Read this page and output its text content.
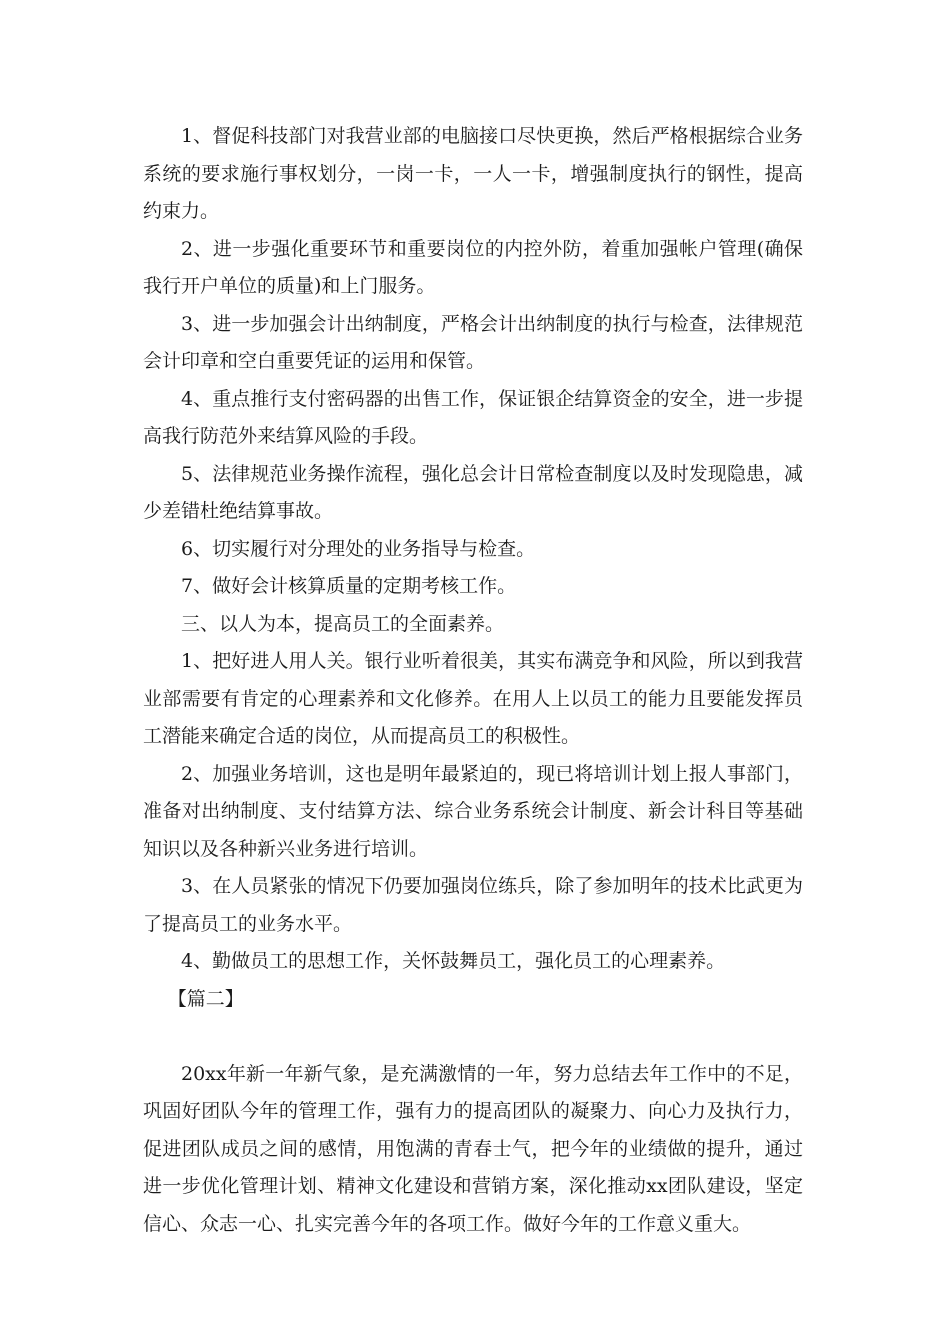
1、督促科技部门对我营业部的电脑接口尽快更换，然后严格根据综合业务系统的要求施行事权划分，一岗一卡，一人一卡，增强制度执行的钢性，提高约束力。

2、进一步强化重要环节和重要岗位的内控外防，着重加强帐户管理(确保我行开户单位的质量)和上门服务。

3、进一步加强会计出纳制度，严格会计出纳制度的执行与检查，法律规范会计印章和空白重要凭证的运用和保管。

4、重点推行支付密码器的出售工作，保证银企结算资金的安全，进一步提高我行防范外来结算风险的手段。

5、法律规范业务操作流程，强化总会计日常检查制度以及时发现隐患，减少差错杜绝结算事故。

6、切实履行对分理处的业务指导与检查。

7、做好会计核算质量的定期考核工作。

三、以人为本，提高员工的全面素养。

1、把好进人用人关。银行业听着很美，其实布满竞争和风险，所以到我营业部需要有肯定的心理素养和文化修养。在用人上以员工的能力且要能发挥员工潜能来确定合适的岗位，从而提高员工的积极性。

2、加强业务培训，这也是明年最紧迫的，现已将培训计划上报人事部门，准备对出纳制度、支付结算方法、综合业务系统会计制度、新会计科目等基础知识以及各种新兴业务进行培训。

3、在人员紧张的情况下仍要加强岗位练兵，除了参加明年的技术比武更为了提高员工的业务水平。

4、勤做员工的思想工作，关怀鼓舞员工，强化员工的心理素养。

【篇二】

20xx年新一年新气象，是充满激情的一年，努力总结去年工作中的不足，巩固好团队今年的管理工作，强有力的提高团队的凝聚力、向心力及执行力，促进团队成员之间的感情，用饱满的青春士气，把今年的业绩做的提升，通过进一步优化管理计划、精神文化建设和营销方案，深化推动xx团队建设，坚定信心、众志一心、扎实完善今年的各项工作。做好今年的工作意义重大。
